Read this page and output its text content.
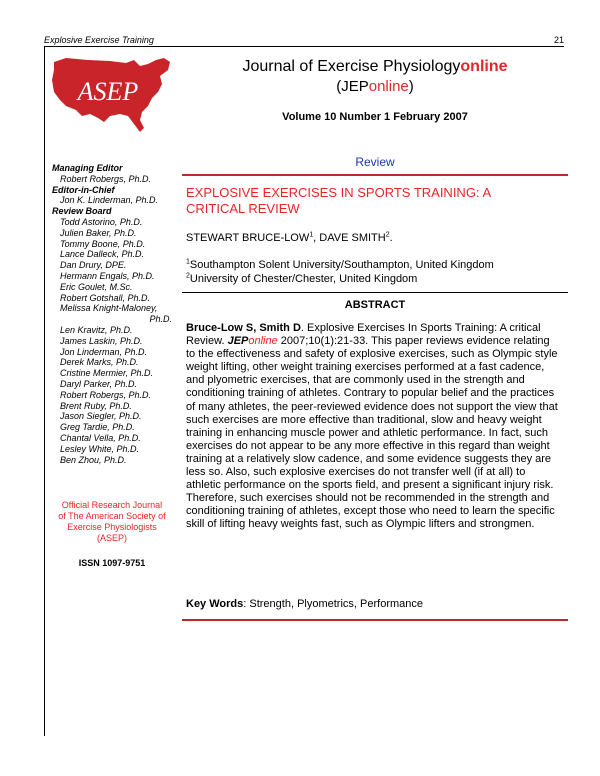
Explosive Exercise Training	21
ASEP
Journal of Exercise Physiologyonline
(JEPonline)
Volume 10 Number 1 February 2007
Managing Editor
Robert Robergs, Ph.D.
Editor-in-Chief
Jon K. Linderman, Ph.D.
Review Board
Todd Astorino, Ph.D.
Julien Baker, Ph.D.
Tommy Boone, Ph.D.
Lance Dalleck, Ph.D.
Dan Drury, DPE.
Hermann Engals, Ph.D.
Eric Goulet, M.Sc.
Robert Gotshall, Ph.D.
Melissa Knight-Maloney,
Ph.D.
Len Kravitz, Ph.D.
James Laskin, Ph.D.
Jon Linderman, Ph.D.
Derek Marks, Ph.D.
Cristine Mermier, Ph.D.
Daryl Parker, Ph.D.
Robert Robergs, Ph.D.
Brent Ruby, Ph.D.
Jason Siegler, Ph.D.
Greg Tardie, Ph.D.
Chantal Vella, Ph.D.
Lesley White, Ph.D.
Ben Zhou, Ph.D.
Official Research Journal
of The American Society of
Exercise Physiologists
(ASEP)
ISSN 1097-9751
Review
EXPLOSIVE EXERCISES IN SPORTS TRAINING: A
CRITICAL REVIEW
STEWART BRUCE-LOW$^1$, DAVE SMITH$^2$.
$^1$Southampton Solent University/Southampton, United Kingdom
$^2$University of Chester/Chester, United Kingdom
ABSTRACT
Bruce-Low S, Smith D. Explosive Exercises In Sports Training: A critical Review. JEPonline 2007;10(1):21-33. This paper reviews evidence relating to the effectiveness and safety of explosive exercises, such as Olympic style weight lifting, other weight training exercises performed at a fast cadence, and plyometric exercises, that are commonly used in the strength and conditioning training of athletes. Contrary to popular belief and the practices of many athletes, the peer-reviewed evidence does not support the view that such exercises are more effective than traditional, slow and heavy weight training in enhancing muscle power and athletic performance. In fact, such exercises do not appear to be any more effective in this regard than weight training at a relatively slow cadence, and some evidence suggests they are less so. Also, such explosive exercises do not transfer well (if at all) to athletic performance on the sports field, and present a significant injury risk. Therefore, such exercises should not be recommended in the strength and conditioning training of athletes, except those who need to learn the specific skill of lifting heavy weights fast, such as Olympic lifters and strongmen.
Key Words: Strength, Plyometrics, Performance
